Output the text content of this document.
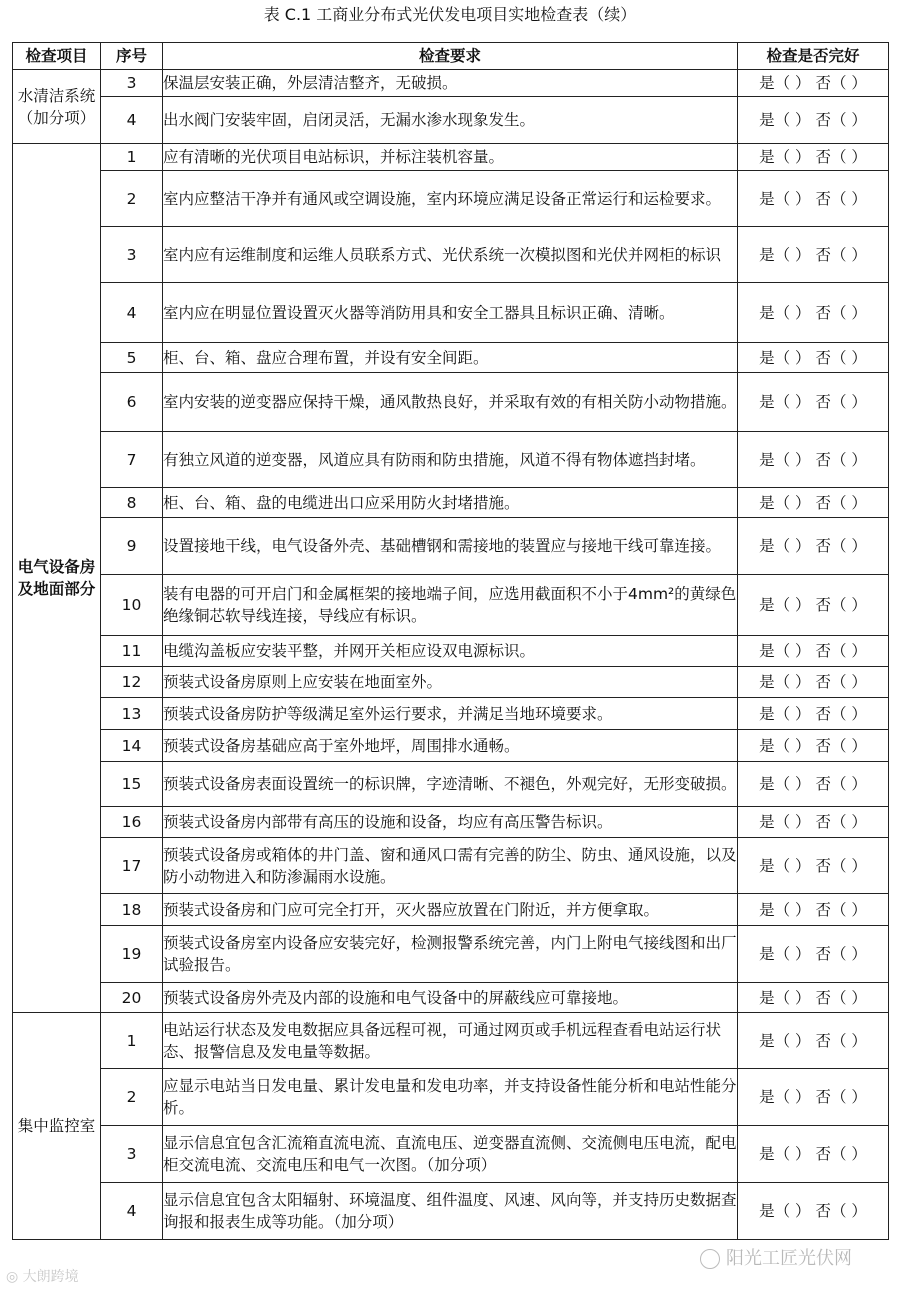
表 C.1 工商业分布式光伏发电项目实地检查表（续）
检查项目	序号	检查要求	检查是否完好
水清洁系统（加分项）	3	保温层安装正确，外层清洁整齐，无破损。	是（ ） 否（ ）
	4	出水阀门安装牢固，启闭灵活，无漏水渗水现象发生。	是（ ） 否（ ）
电气设备房及地面部分	1	应有清晰的光伏项目电站标识，并标注装机容量。	是（ ） 否（ ）
	2	室内应整洁干净并有通风或空调设施，室内环境应满足设备正常运行和运检要求。	是（ ） 否（ ）
	3	室内应有运维制度和运维人员联系方式、光伏系统一次模拟图和光伏并网柜的标识	是（ ） 否（ ）
	4	室内应在明显位置设置灭火器等消防用具和安全工器具且标识正确、清晰。	是（ ） 否（ ）
	5	柜、台、箱、盘应合理布置，并设有安全间距。	是（ ） 否（ ）
	6	室内安装的逆变器应保持干燥，通风散热良好，并采取有效的有相关防小动物措施。	是（ ） 否（ ）
	7	有独立风道的逆变器，风道应具有防雨和防虫措施，风道不得有物体遮挡封堵。	是（ ） 否（ ）
	8	柜、台、箱、盘的电缆进出口应采用防火封堵措施。	是（ ） 否（ ）
	9	设置接地干线，电气设备外壳、基础槽钢和需接地的装置应与接地干线可靠连接。	是（ ） 否（ ）
	10	装有电器的可开启门和金属框架的接地端子间，应选用截面积不小于4mm²的黄绿色绝缘铜芯软导线连接，导线应有标识。	是（ ） 否（ ）
	11	电缆沟盖板应安装平整，并网开关柜应设双电源标识。	是（ ） 否（ ）
	12	预装式设备房原则上应安装在地面室外。	是（ ） 否（ ）
	13	预装式设备房防护等级满足室外运行要求，并满足当地环境要求。	是（ ） 否（ ）
	14	预装式设备房基础应高于室外地坪，周围排水通畅。	是（ ） 否（ ）
	15	预装式设备房表面设置统一的标识牌，字迹清晰、不褪色，外观完好，无形变破损。	是（ ） 否（ ）
	16	预装式设备房内部带有高压的设施和设备，均应有高压警告标识。	是（ ） 否（ ）
	17	预装式设备房或箱体的井门盖、窗和通风口需有完善的防尘、防虫、通风设施，以及防小动物进入和防渗漏雨水设施。	是（ ） 否（ ）
	18	预装式设备房和门应可完全打开，灭火器应放置在门附近，并方便拿取。	是（ ） 否（ ）
	19	预装式设备房室内设备应安装完好，检测报警系统完善，内门上附电气接线图和出厂试验报告。	是（ ） 否（ ）
	20	预装式设备房外壳及内部的设施和电气设备中的屏蔽线应可靠接地。	是（ ） 否（ ）
集中监控室	1	电站运行状态及发电数据应具备远程可视，可通过网页或手机远程查看电站运行状态、报警信息及发电量等数据。	是（ ） 否（ ）
	2	应显示电站当日发电量、累计发电量和发电功率，并支持设备性能分析和电站性能分析。	是（ ） 否（ ）
	3	显示信息宜包含汇流箱直流电流、直流电压、逆变器直流侧、交流侧电压电流，配电柜交流电流、交流电压和电气一次图。（加分项）	是（ ） 否（ ）
	4	显示信息宜包含太阳辐射、环境温度、组件温度、风速、风向等，并支持历史数据查询报和报表生成等功能。（加分项）	是（ ） 否（ ）
◎ 大朗跨境
阳光工匠光伏网
